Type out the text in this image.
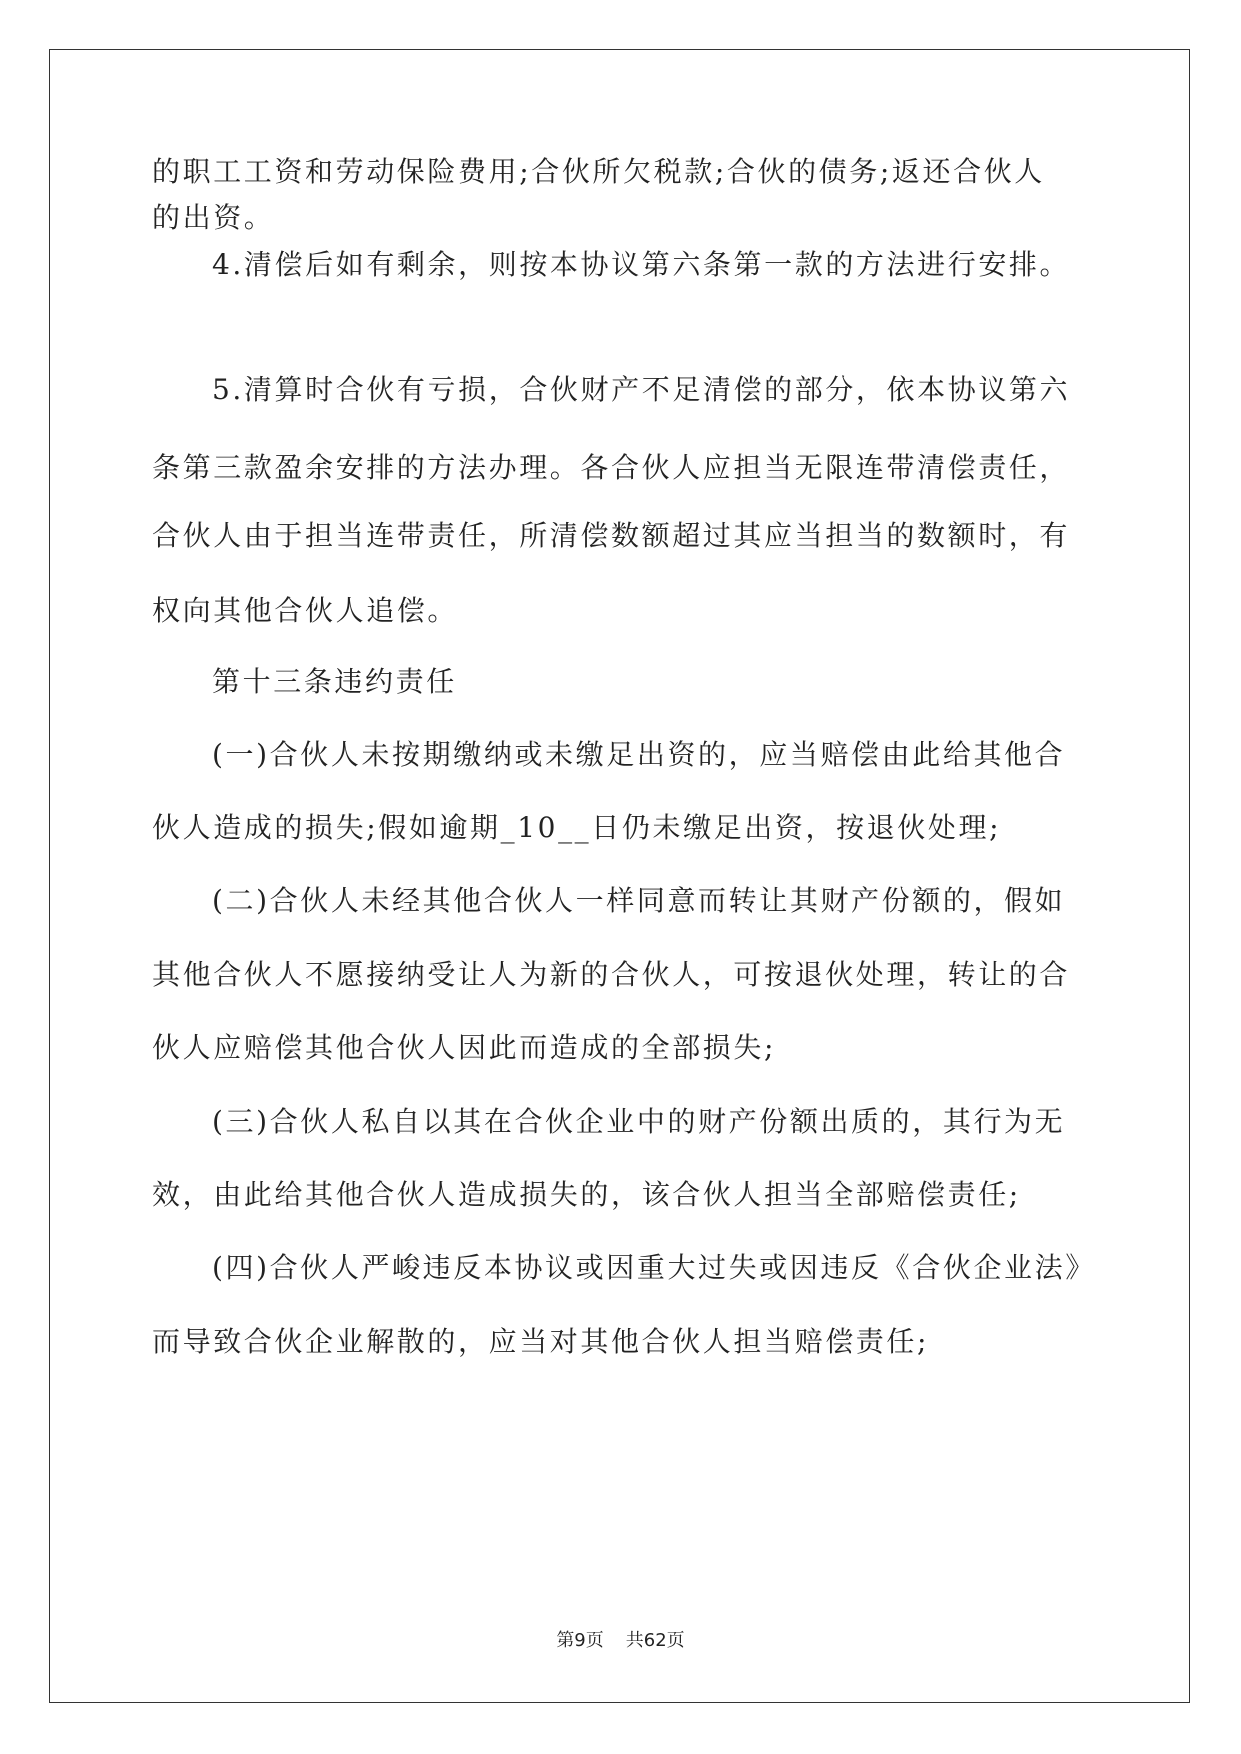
的职工工资和劳动保险费用;合伙所欠税款;合伙的债务;返还合伙人
的出资。
4.清偿后如有剩余，则按本协议第六条第一款的方法进行安排。
5.清算时合伙有亏损，合伙财产不足清偿的部分，依本协议第六
条第三款盈余安排的方法办理。各合伙人应担当无限连带清偿责任，
合伙人由于担当连带责任，所清偿数额超过其应当担当的数额时，有
权向其他合伙人追偿。
第十三条违约责任
(一)合伙人未按期缴纳或未缴足出资的，应当赔偿由此给其他合
伙人造成的损失;假如逾期_10__日仍未缴足出资，按退伙处理;
(二)合伙人未经其他合伙人一样同意而转让其财产份额的，假如
其他合伙人不愿接纳受让人为新的合伙人，可按退伙处理，转让的合
伙人应赔偿其他合伙人因此而造成的全部损失;
(三)合伙人私自以其在合伙企业中的财产份额出质的，其行为无
效，由此给其他合伙人造成损失的，该合伙人担当全部赔偿责任;
(四)合伙人严峻违反本协议或因重大过失或因违反《合伙企业法》
而导致合伙企业解散的，应当对其他合伙人担当赔偿责任;
第9页 共62页
